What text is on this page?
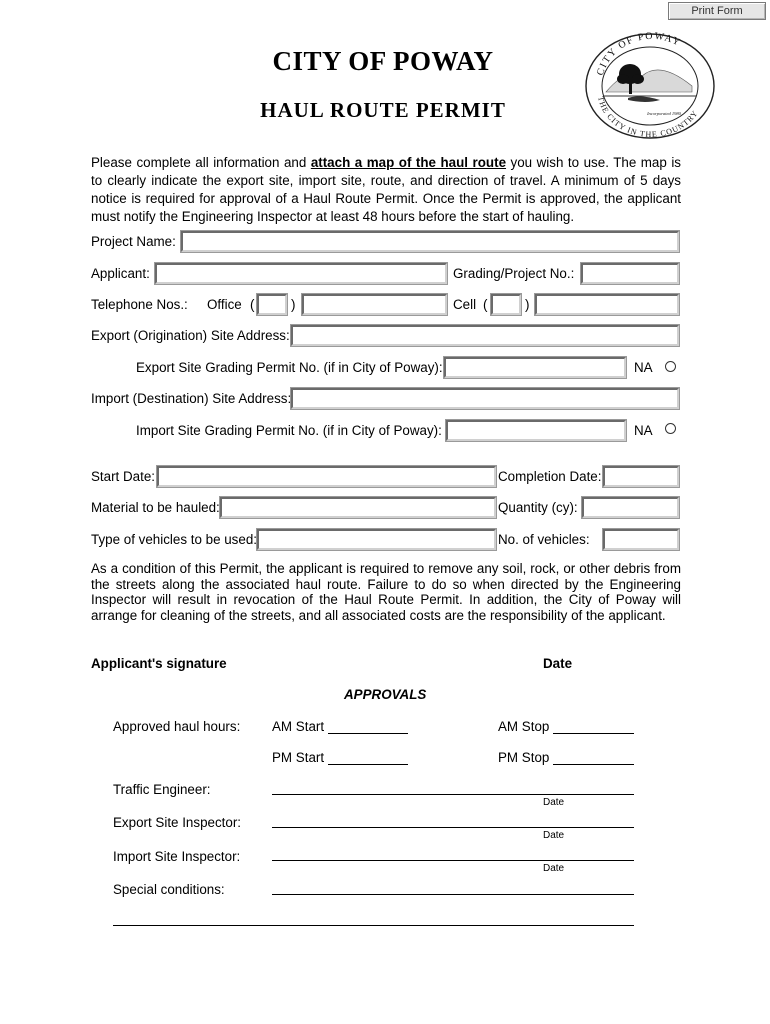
Print Form
CITY OF POWAY
HAUL ROUTE PERMIT
CITY OF POWAY
THE CITY IN THE COUNTRY
Incorporated 1980
Please complete all information and attach a map of the haul route you wish to use. The map is to clearly indicate the export site, import site, route, and direction of travel. A minimum of 5 days notice is required for approval of a Haul Route Permit. Once the Permit is approved, the applicant must notify the Engineering Inspector at least 48 hours before the start of hauling.
Project Name:
Applicant:	Grading/Project No.:
Telephone Nos.: Office (	)	Cell (	)
Export (Origination) Site Address:
Export Site Grading Permit No. (if in City of Poway):	NA
Import (Destination) Site Address:
Import Site Grading Permit No. (if in City of Poway):	NA
Start Date:	Completion Date:
Material to be hauled:	Quantity (cy):
Type of vehicles to be used:	No. of vehicles:
As a condition of this Permit, the applicant is required to remove any soil, rock, or other debris from the streets along the associated haul route. Failure to do so when directed by the Engineering Inspector will result in revocation of the Haul Route Permit. In addition, the City of Poway will arrange for cleaning of the streets, and all associated costs are the responsibility of the applicant.
Applicant's signature	Date
APPROVALS
Approved haul hours: AM Start	AM Stop
PM Start	PM Stop
Traffic Engineer:
Date
Export Site Inspector:
Date
Import Site Inspector:
Date
Special conditions:
